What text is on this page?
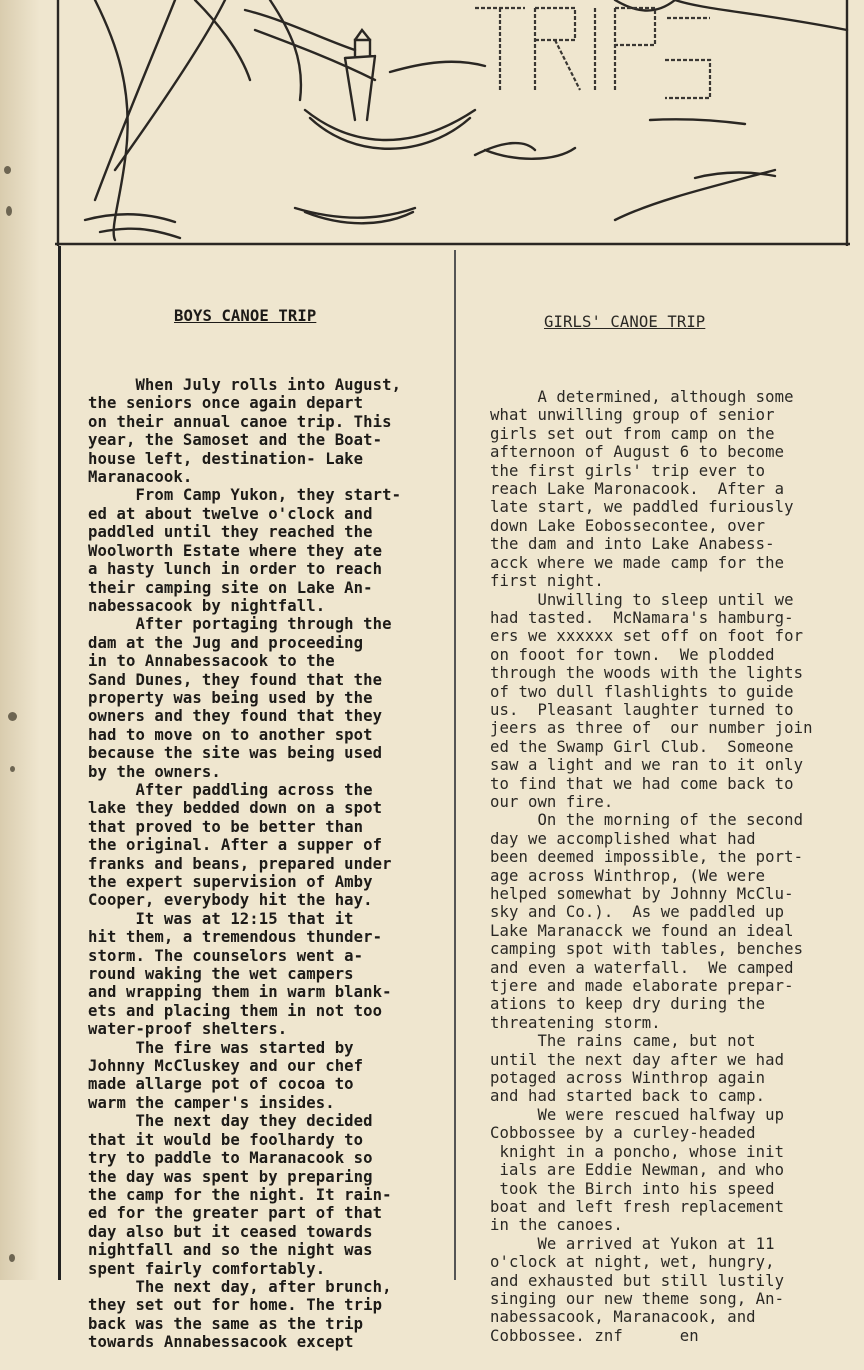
TRIPS

BOYS CANOE TRIP

When July rolls into August,
the seniors once again depart
on their annual canoe trip. This
year, the Samoset and the Boat-
house left, destination- Lake
Maranacook.
From Camp Yukon, they start-
ed at about twelve o'clock and
paddled until they reached the
Woolworth Estate where they ate
a hasty lunch in order to reach
their camping site on Lake An-
nabessacook by nightfall.
After portaging through the
dam at the Jug and proceeding
in to Annabessacook to the
Sand Dunes, they found that the
property was being used by the
owners and they found that they
had to move on to another spot
because the site was being used
by the owners.
After paddling across the
lake they bedded down on a spot
that proved to be better than
the original. After a supper of
franks and beans, prepared under
the expert supervision of Amby
Cooper, everybody hit the hay.
It was at 12:15 that it
hit them, a tremendous thunder-
storm. The counselors went a-
round waking the wet campers
and wrapping them in warm blank-
ets and placing them in not too
water-proof shelters.
The fire was started by
Johnny McCluskey and our chef
made allarge pot of cocoa to
warm the camper's insides.
The next day they decided
that it would be foolhardy to
try to paddle to Maranacook so
the day was spent by preparing
the camp for the night. It rain-
ed for the greater part of that
day also but it ceased towards
nightfall and so the night was
spent fairly comfortably.
The next day, after brunch,
they set out for home. The trip
back was the same as the trip
towards Annabessacook except

GIRLS' CANOE TRIP

A determined, although some
what unwilling group of senior
girls set out from camp on the
afternoon of August 6 to become
the first girls' trip ever to
reach Lake Maronacook.  After a
late start, we paddled furiously
down Lake Eobossecontee, over
the dam and into Lake Anabess-
acck where we made camp for the
first night.
Unwilling to sleep until we
had tasted.  McNamara's hamburg-
ers we xxxxxx set off on foot for
on fooot for town.  We plodded
through the woods with the lights
of two dull flashlights to guide
us.  Pleasant laughter turned to
jeers as three of  our number join
ed the Swamp Girl Club.  Someone
saw a light and we ran to it only
to find that we had come back to
our own fire.
On the morning of the second
day we accomplished what had
been deemed impossible, the port-
age across Winthrop, (We were
helped somewhat by Johnny McClu-
sky and Co.).  As we paddled up
Lake Maranacck we found an ideal
camping spot with tables, benches
and even a waterfall.  We camped
tjere and made elaborate prepar-
ations to keep dry during the
threatening storm.
The rains came, but not
until the next day after we had
potaged across Winthrop again
and had started back to camp.
We were rescued halfway up
Cobbossee by a curley-headed
knight in a poncho, whose init
ials are Eddie Newman, and who
took the Birch into his speed
boat and left fresh replacement
in the canoes.
We arrived at Yukon at 11
o'clock at night, wet, hungry,
and exhausted but still lustily
singing our new theme song, An-
nabessacook, Maranacook, and
Cobbossee. znf      en
